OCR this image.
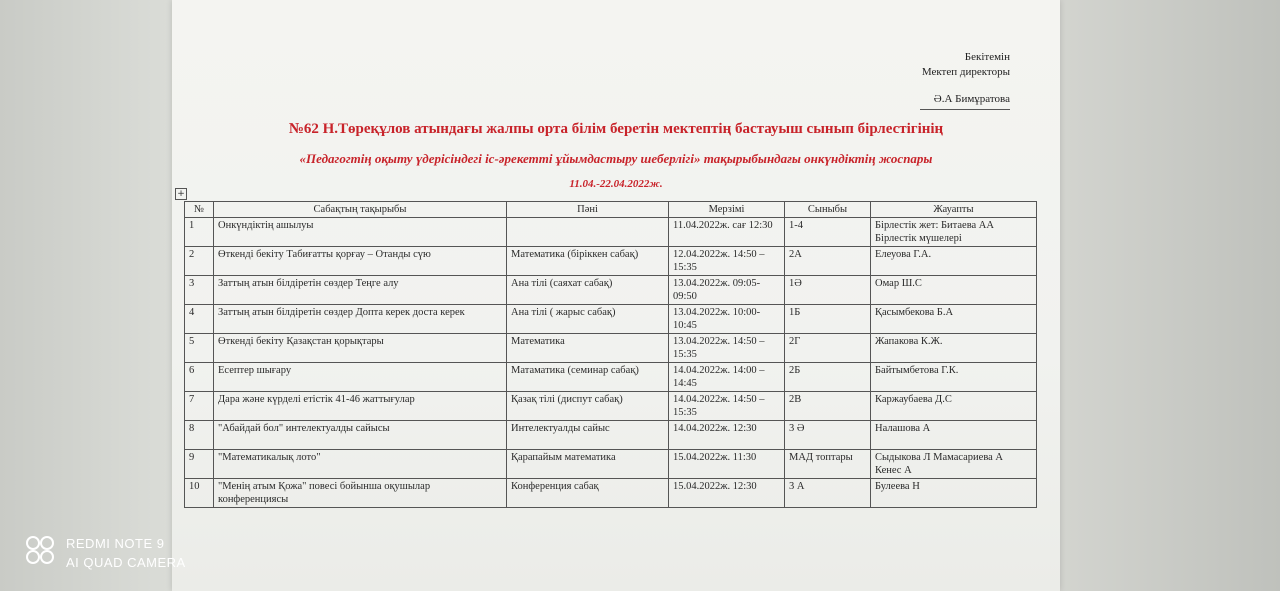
Бекітемін
Мектеп директоры
Ә.А Бимұратова
№62 Н.Төреқұлов атындағы жалпы орта білім беретін мектептің бастауыш сынып бірлестігінің
«Педагогтің оқыту үдерісіндегі іс-әрекетті ұйымдастыру шеберлігі» тақырыбындағы онкүндіктің жоспары
11.04.-22.04.2022ж.
+
№	Сабақтың тақырыбы	Пәні	Мерзімі	Сыныбы	Жауапты
1	Онкүндіктің ашылуы		11.04.2022ж. сағ 12:30	1-4	Бірлестік жет: Битаева АА Бірлестік мүшелері
2	Өткенді бекіту Табиғатты қорғау – Отанды сүю	Математика (біріккен сабақ)	12.04.2022ж. 14:50 – 15:35	2А	Елеуова Г.А.
3	Заттың атын білдіретін сөздер Теңге алу	Ана тілі (саяхат сабақ)	13.04.2022ж. 09:05-09:50	1Ә	Омар Ш.С
4	Заттың атын білдіретін сөздер Допта керек доста керек	Ана тілі ( жарыс сабақ)	13.04.2022ж. 10:00-10:45	1Б	Қасымбекова Б.А
5	Өткенді бекіту Қазақстан қорықтары	Математика	13.04.2022ж. 14:50 – 15:35	2Г	Жапакова К.Ж.
6	Есептер шығару	Матаматика (семинар сабақ)	14.04.2022ж. 14:00 – 14:45	2Б	Байтымбетова Г.К.
7	Дара және күрделі етістік 41-46 жаттығулар	Қазақ тілі (диспут сабақ)	14.04.2022ж. 14:50 – 15:35	2В	Каржаубаева Д.С
8	"Абайдай бол" интелектуалды сайысы	Интелектуалды сайыс	14.04.2022ж. 12:30	3 Ә	Налашова А
9	"Математикалық лото"	Қарапайым математика	15.04.2022ж. 11:30	МАД топтары	Сыдыкова Л Мамасариева А Кенес А
10	"Менің атым Қожа" повесі бойынша оқушылар конференциясы	Конференция сабақ	15.04.2022ж. 12:30	3 А	Булеева Н
REDMI NOTE 9
AI QUAD CAMERA
